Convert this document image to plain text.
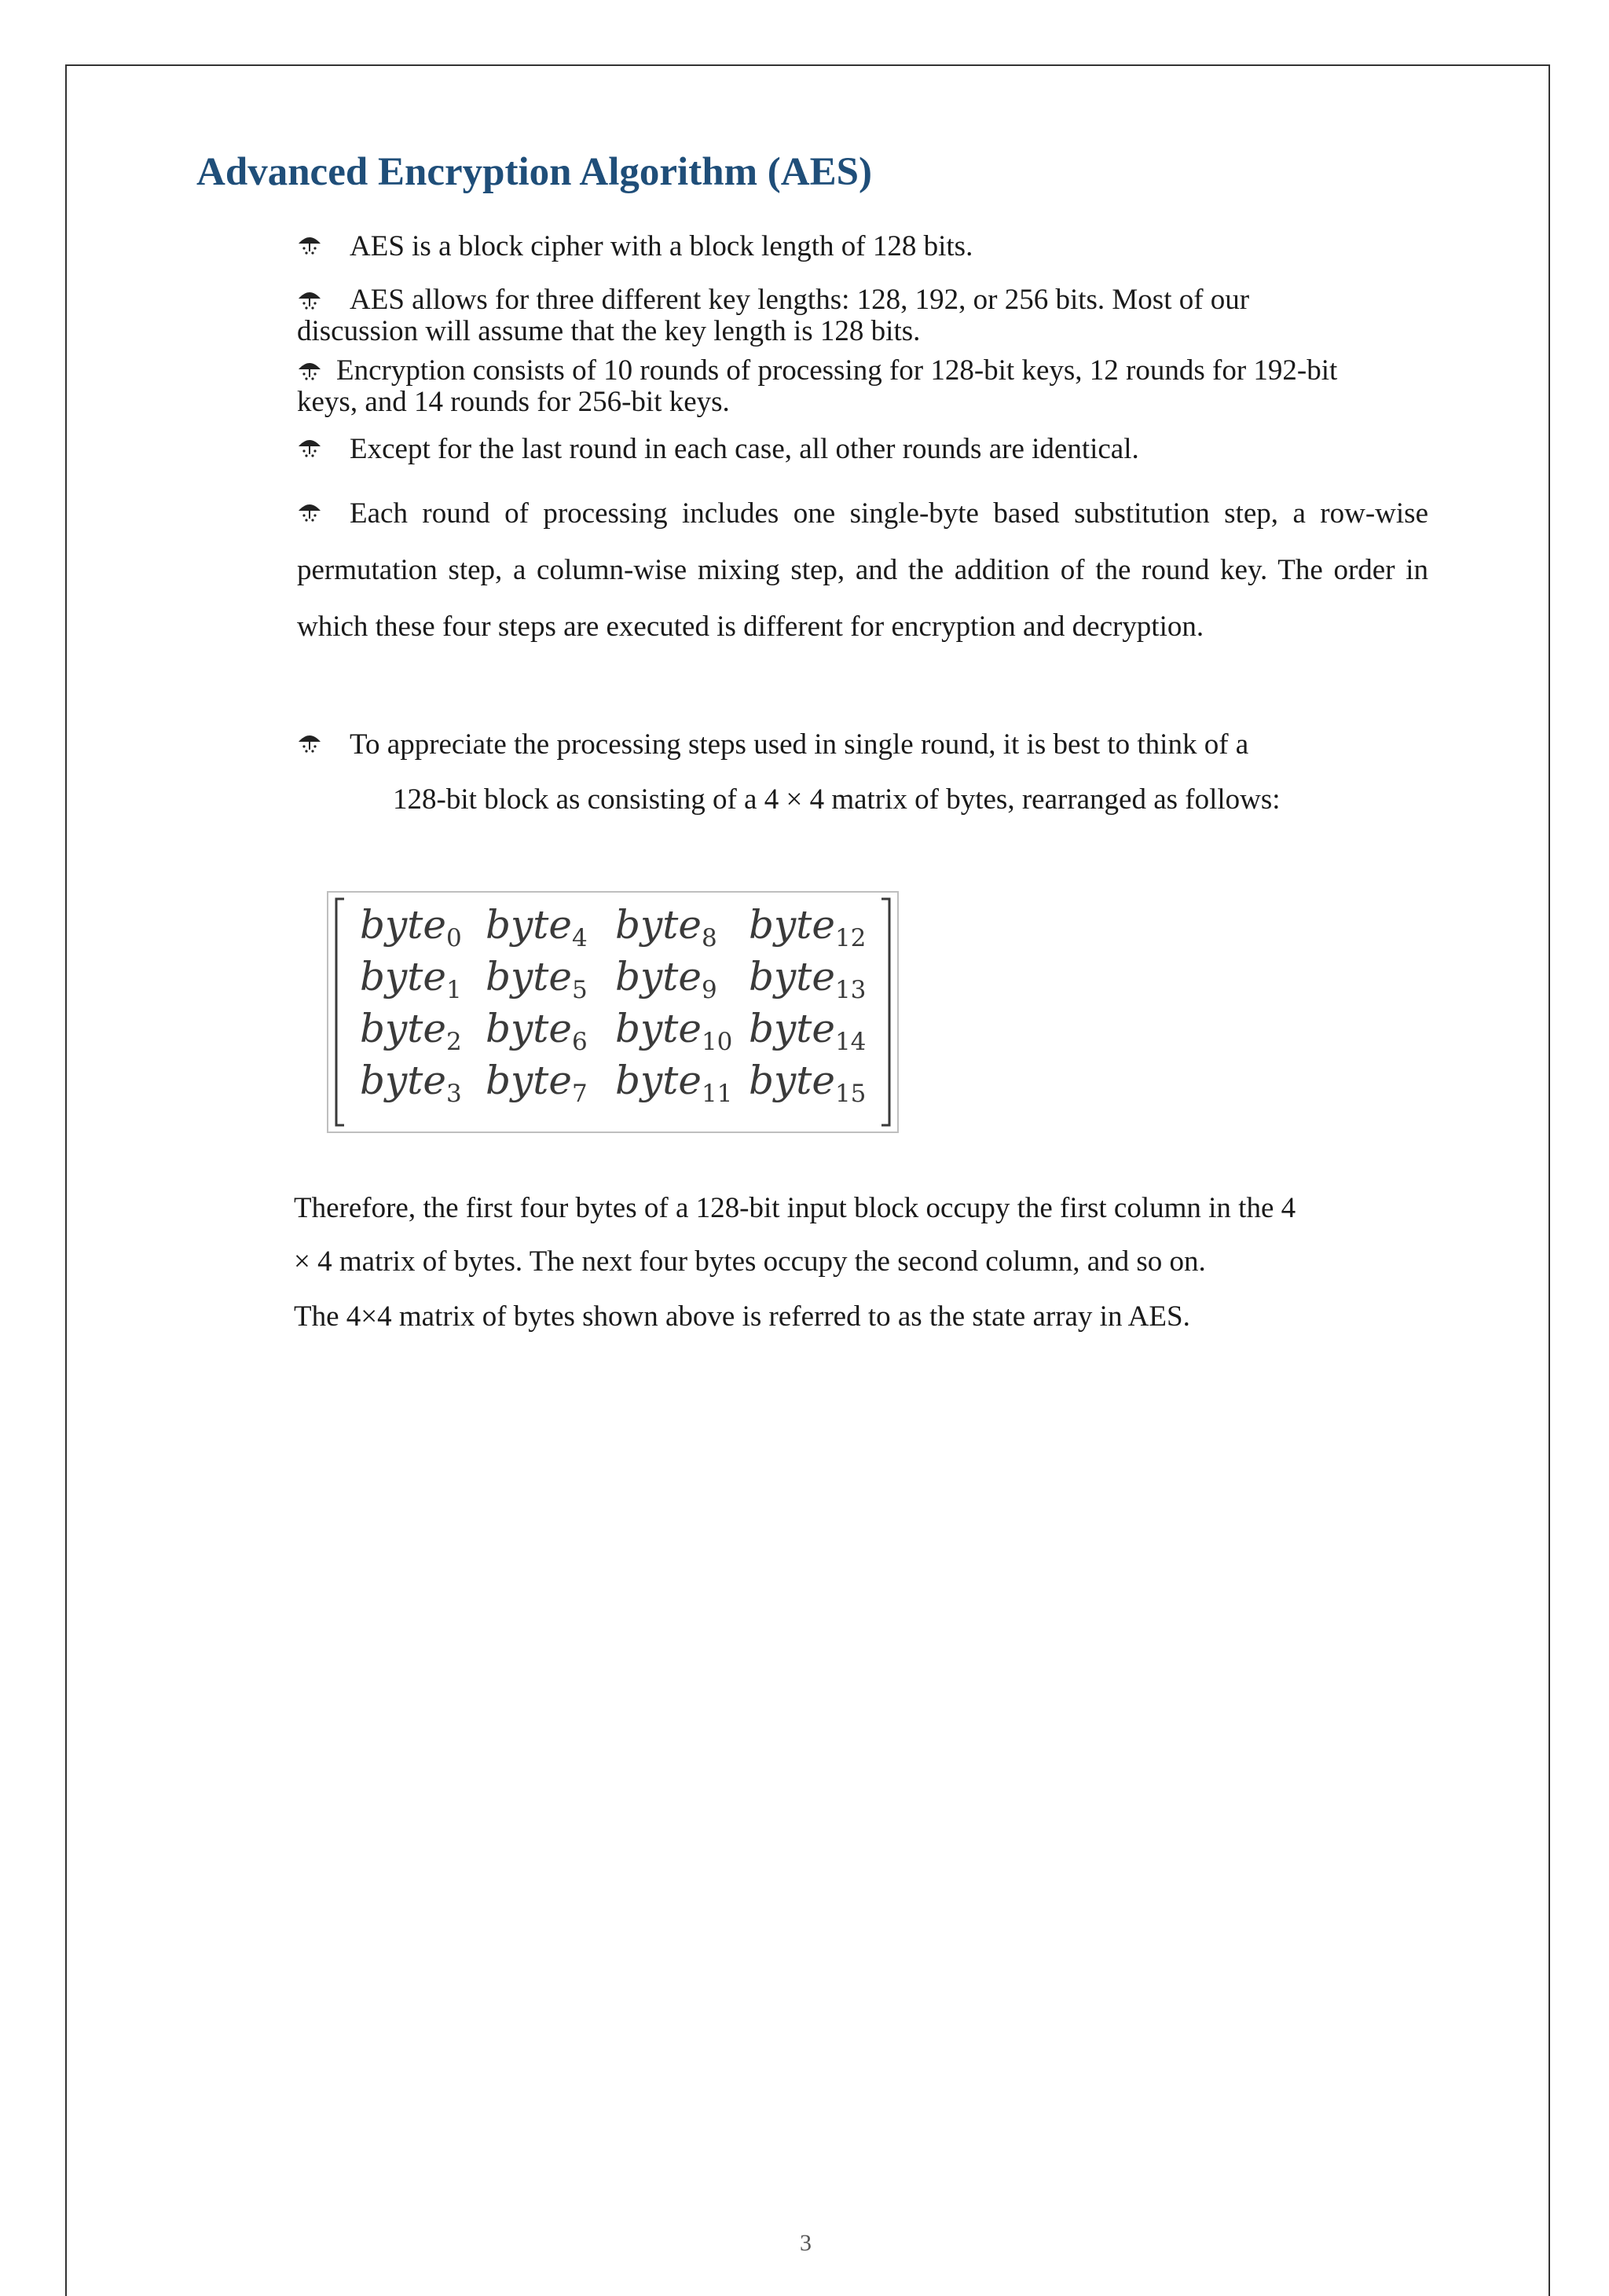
Advanced Encryption Algorithm (AES)
AES is a block cipher with a block length of 128 bits.
AES allows for three different key lengths: 128, 192, or 256 bits. Most of our discussion will assume that the key length is 128 bits.
Encryption consists of 10 rounds of processing for 128-bit keys, 12 rounds for 192-bit keys, and 14 rounds for 256-bit keys.
Except for the last round in each case, all other rounds are identical.
Each round of processing includes one single-byte based substitution step, a row-wise permutation step, a column-wise mixing step, and the addition of the round key. The order in which these four steps are executed is different for encryption and decryption.
To appreciate the processing steps used in single round, it is best to think of a
128-bit block as consisting of a 4 × 4 matrix of bytes, rearranged as follows:
byte$_0$ byte$_4$ byte$_8$ byte$_{12}$
byte$_1$ byte$_5$ byte$_9$ byte$_{13}$
byte$_2$ byte$_6$ byte$_{10}$ byte$_{14}$
byte$_3$ byte$_7$ byte$_{11}$ byte$_{15}$
Therefore, the first four bytes of a 128-bit input block occupy the first column in the 4
× 4 matrix of bytes. The next four bytes occupy the second column, and so on.
The 4×4 matrix of bytes shown above is referred to as the state array in AES.
3
